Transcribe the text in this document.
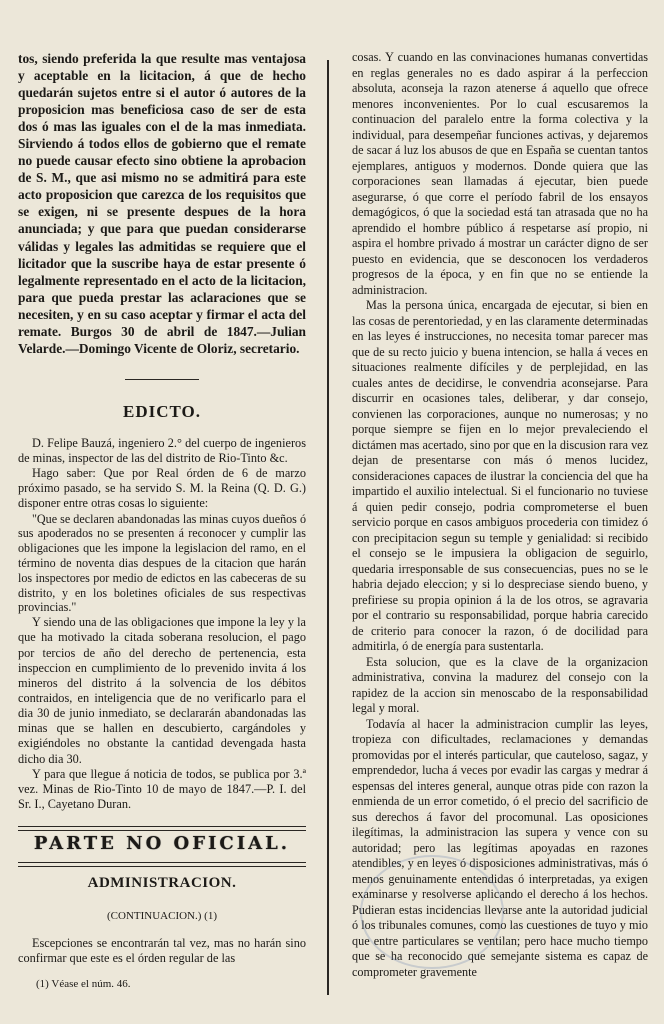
tos, siendo preferida la que resulte mas ventajosa y aceptable en la licitacion, á que de hecho quedarán sujetos entre si el autor ó autores de la proposicion mas beneficiosa caso de ser de esta dos ó mas las iguales con el de la mas inmediata. Sirviendo á todos ellos de gobierno que el remate no puede causar efecto sino obtiene la aprobacion de S. M., que asi mismo no se admitirá para este acto proposicion que carezca de los requisitos que se exigen, ni se presente despues de la hora anunciada; y que para que puedan considerarse válidas y legales las admitidas se requiere que el licitador que la suscribe haya de estar presente ó legalmente representado en el acto de la licitacion, para que pueda prestar las aclaraciones que se necesiten, y en su caso aceptar y firmar el acta del remate. Burgos 30 de abril de 1847.—Julian Velarde.—Domingo Vicente de Oloriz, secretario.

EDICTO.

D. Felipe Bauzá, ingeniero 2.° del cuerpo de ingenieros de minas, inspector de las del distrito de Rio-Tinto &c.

Hago saber: Que por Real órden de 6 de marzo próximo pasado, se ha servido S. M. la Reina (Q. D. G.) disponer entre otras cosas lo siguiente:

"Que se declaren abandonadas las minas cuyos dueños ó sus apoderados no se presenten á reconocer y cumplir las obligaciones que les impone la legislacion del ramo, en el término de noventa dias despues de la citacion que harán los inspectores por medio de edictos en las cabeceras de su distrito, y en los boletines oficiales de sus respectivas provincias."

Y siendo una de las obligaciones que impone la ley y la que ha motivado la citada soberana resolucion, el pago por tercios de año del derecho de pertenencia, esta inspeccion en cumplimiento de lo prevenido invita á los mineros del distrito á la solvencia de los débitos contraidos, en inteligencia que de no verificarlo para el dia 30 de junio inmediato, se declararán abandonadas las minas que se hallen en descubierto, cargándoles y exigiéndoles no obstante la cantidad devengada hasta dicho dia 30.

Y para que llegue á noticia de todos, se publica por 3.ª vez. Minas de Rio-Tinto 10 de mayo de 1847.—P. I. del Sr. I., Cayetano Duran.

PARTE NO OFICIAL.
ADMINISTRACION.
(CONTINUACION.) (1)

Escepciones se encontrarán tal vez, mas no harán sino confirmar que este es el órden regular de las

cosas. Y cuando en las convinaciones humanas convertidas en reglas generales no es dado aspirar á la perfeccion absoluta, aconseja la razon atenerse á aquello que ofrece menores inconvenientes. Por lo cual escusaremos la continuacion del paralelo entre la forma colectiva y la individual, para desempeñar funciones activas, y dejaremos de sacar á luz los abusos de que en España se cuentan tantos ejemplares, antiguos y modernos. Donde quiera que las corporaciones sean llamadas á ejecutar, bien puede asegurarse, ó que corre el período fabril de los ensayos demagógicos, ó que la sociedad está tan atrasada que no ha aprendido el hombre público á respetarse así propio, ni aspira el hombre privado á mostrar un carácter digno de ser puesto en evidencia, que se desconocen los verdaderos progresos de la época, y en fin que no se entiende la administracion.

Mas la persona única, encargada de ejecutar, si bien en las cosas de perentoriedad, y en las claramente determinadas en las leyes é instrucciones, no necesita tomar parecer mas que de su recto juicio y buena intencion, se halla á veces en situaciones realmente difíciles y de perplejidad, en las cuales antes de decidirse, le convendria aconsejarse. Para discurrir en ocasiones tales, deliberar, y dar consejo, convienen las corporaciones, aunque no numerosas; y no porque siempre se fijen en lo mejor prevaleciendo el dictámen mas acertado, sino por que en la discusion rara vez dejan de presentarse con más ó menos lucidez, consideraciones capaces de ilustrar la conciencia del que ha impartido el auxilio intelectual. Si el funcionario no tuviese á quien pedir consejo, podria comprometerse el buen servicio porque en casos ambiguos procederia con timidez ó con precipitacion segun su temple y genialidad: si recibido el consejo se le impusiera la obligacion de seguirlo, quedaria irresponsable de sus consecuencias, pues no se le habria dejado eleccion; y si lo despreciase siendo bueno, y prefiriese su propia opinion á la de los otros, se agravaria por el contrario su responsabilidad, porque habria carecido de criterio para conocer la razon, ó de docilidad para admitirla, ó de energía para sustentarla.

Esta solucion, que es la clave de la organizacion administrativa, convina la madurez del consejo con la rapidez de la accion sin menoscabo de la responsabilidad legal y moral.

Todavía al hacer la administracion cumplir las leyes, tropieza con dificultades, reclamaciones y demandas promovidas por el interés particular, que cauteloso, sagaz, y emprendedor, lucha á veces por evadir las cargas y medrar á espensas del interes general, aunque otras pide con razon la enmienda de un error cometido, ó el precio del sacrificio de sus derechos á favor del procomunal. Las oposiciones ilegítimas, la administracion las supera y vence con su autoridad; pero las legítimas apoyadas en razones atendibles, y en leyes ó disposiciones administrativas, más ó menos genuinamente entendidas ó interpretadas, ya exigen examinarse y resolverse aplicando el derecho á los hechos. Pudieran estas incidencias llevarse ante la autoridad judicial ó los tribunales comunes, como las cuestiones de tuyo y mio que entre particulares se ventilan; pero hace mucho tiempo que se ha reconocido que semejante sistema es capaz de comprometer gravemente

(1) Véase el núm. 46.
